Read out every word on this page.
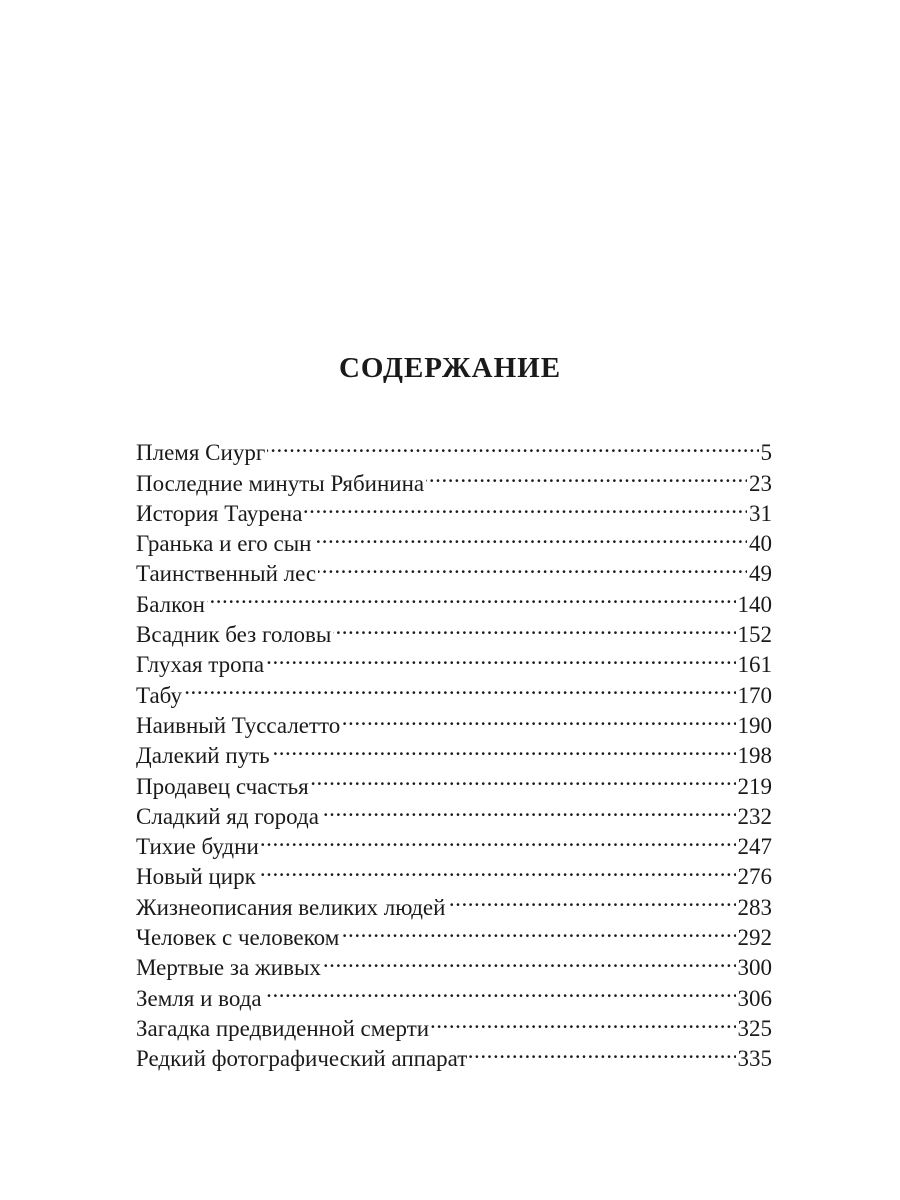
СОДЕРЖАНИЕ
Племя Сиург . . .	5
Последние минуты Рябинина . . .	23
История Таурена . . .	31
Гранька и его сын . . .	40
Таинственный лес . . .	49
Балкон . . .	140
Всадник без головы . . .	152
Глухая тропа . . .	161
Табу . . .	170
Наивный Туссалетто . . .	190
Далекий путь . . .	198
Продавец счастья . . .	219
Сладкий яд города . . .	232
Тихие будни . . .	247
Новый цирк . . .	276
Жизнеописания великих людей . . .	283
Человек с человеком . . .	292
Мертвые за живых . . .	300
Земля и вода . . .	306
Загадка предвиденной смерти . . .	325
Редкий фотографический аппарат . . .	335
